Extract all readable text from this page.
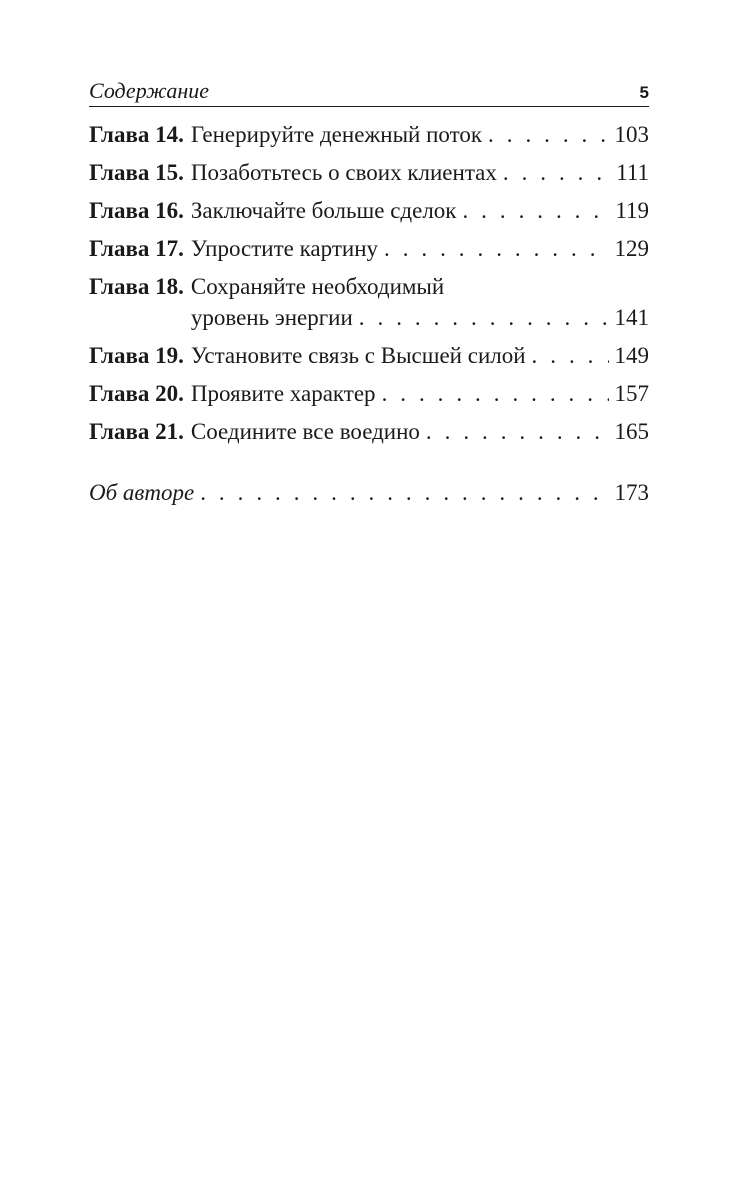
Содержание	5
Глава 14. Генерируйте денежный поток . . .	103
Глава 15. Позаботьтесь о своих клиентах . . .	111
Глава 16. Заключайте больше сделок . . .	119
Глава 17. Упростите картину . . .	129
Глава 18. Сохраняйте необходимый
уровень энергии . . .	141
Глава 19. Установите связь с Высшей силой . . .	149
Глава 20. Проявите характер . . .	157
Глава 21. Соедините все воедино . . .	165
Об авторе . . .	173
